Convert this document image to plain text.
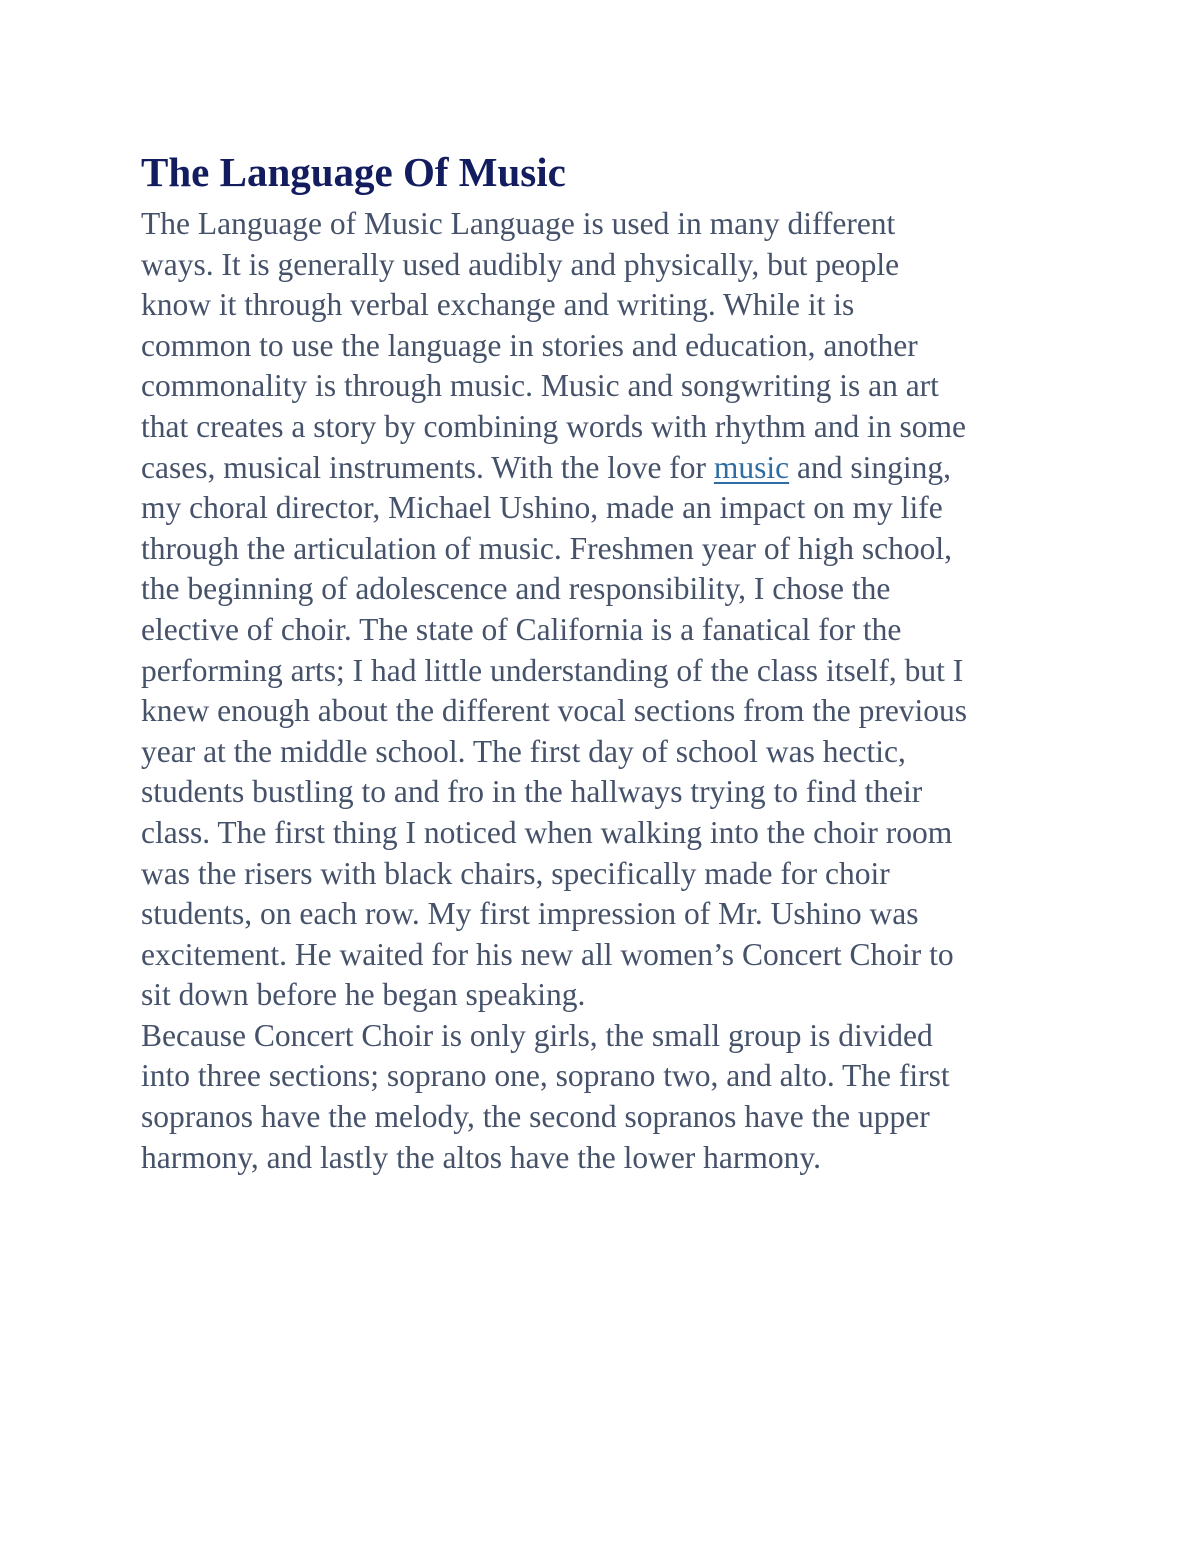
The Language Of Music
The Language of Music Language is used in many different
ways. It is generally used audibly and physically, but people
know it through verbal exchange and writing. While it is
common to use the language in stories and education, another
commonality is through music. Music and songwriting is an art
that creates a story by combining words with rhythm and in some
cases, musical instruments. With the love for music and singing,
my choral director, Michael Ushino, made an impact on my life
through the articulation of music. Freshmen year of high school,
the beginning of adolescence and responsibility, I chose the
elective of choir. The state of California is a fanatical for the
performing arts; I had little understanding of the class itself, but I
knew enough about the different vocal sections from the previous
year at the middle school. The first day of school was hectic,
students bustling to and fro in the hallways trying to find their
class. The first thing I noticed when walking into the choir room
was the risers with black chairs, specifically made for choir
students, on each row. My first impression of Mr. Ushino was
excitement. He waited for his new all women’s Concert Choir to
sit down before he began speaking.
Because Concert Choir is only girls, the small group is divided
into three sections; soprano one, soprano two, and alto. The first
sopranos have the melody, the second sopranos have the upper
harmony, and lastly the altos have the lower harmony.
